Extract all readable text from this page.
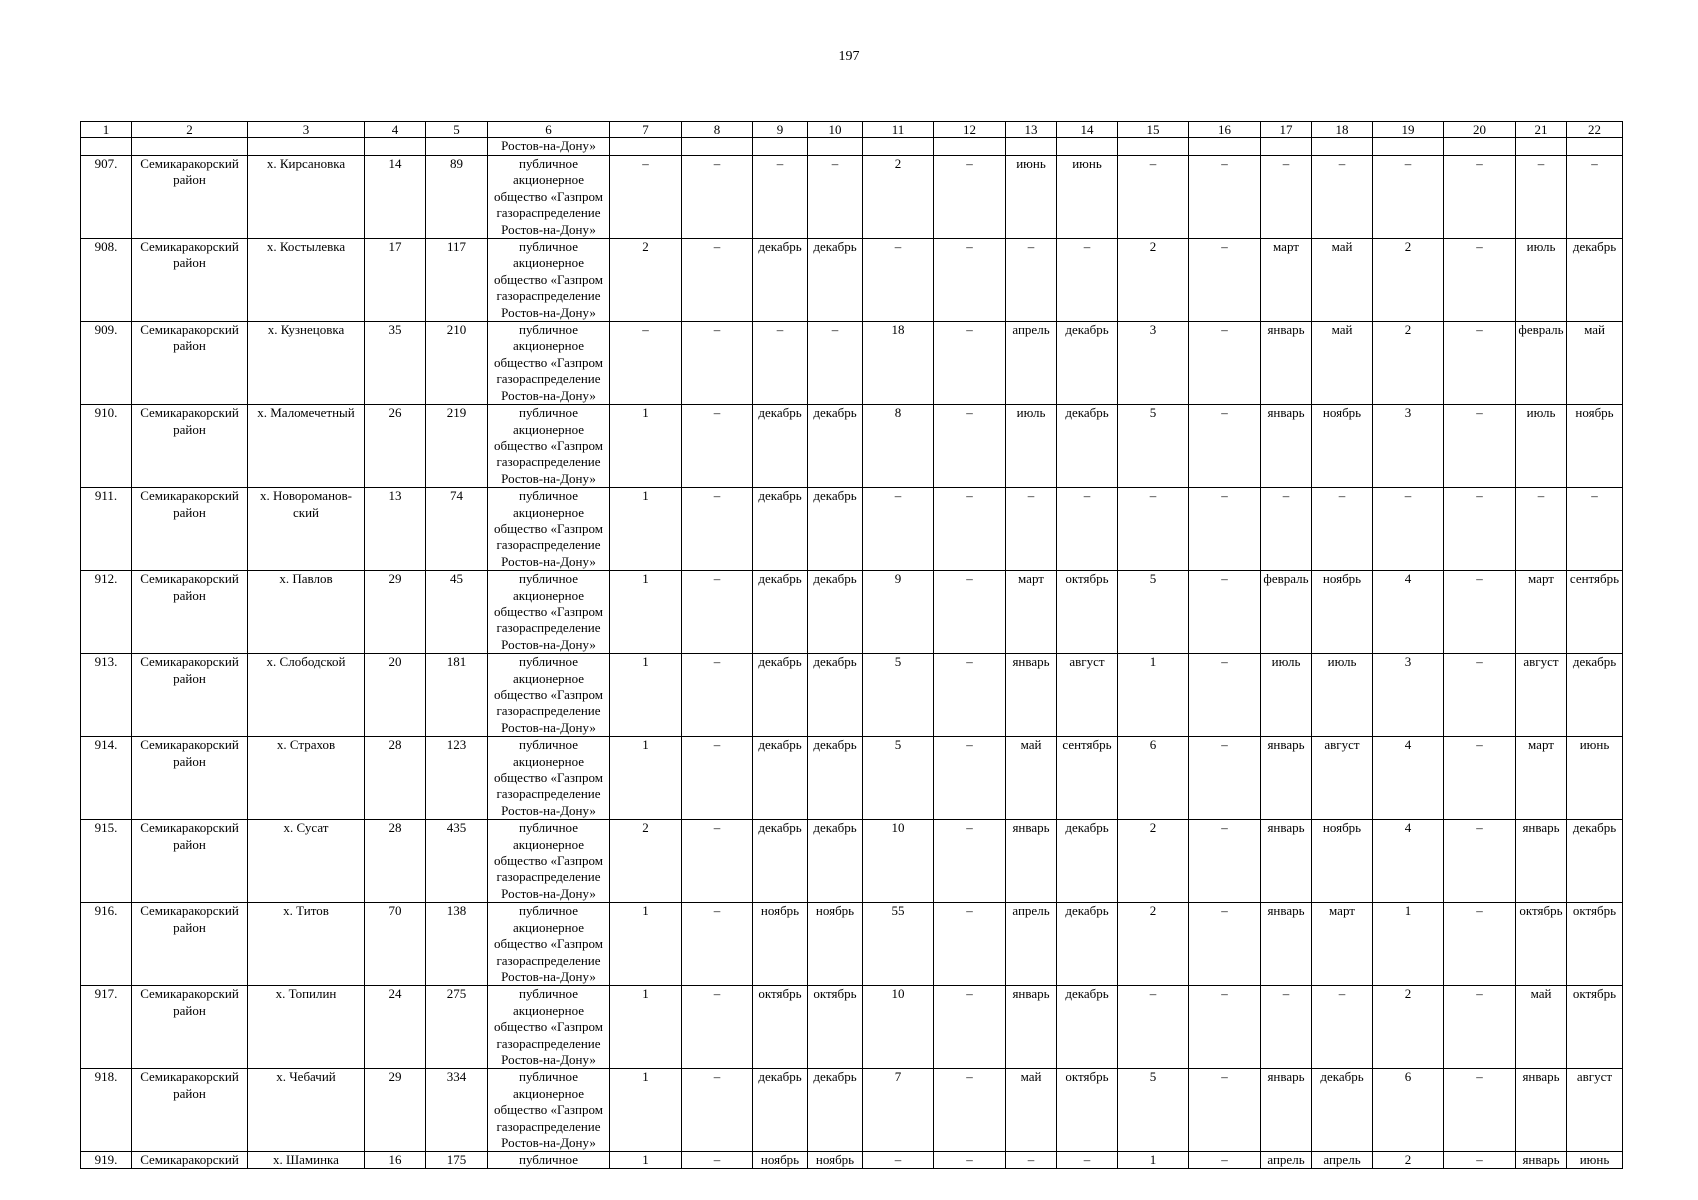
197
1	2	3	4	5	6	7	8	9	10	11	12	13	14	15	16	17	18	19	20	21	22
					Ростов-на-Дону»																
907.	Семикаракорский район	х. Кирсановка	14	89	публичное акционерное общество «Газпром газораспределение Ростов-на-Дону»	–	–	–	–	2	–	июнь	июнь	–	–	–	–	–	–	–	–
908.	Семикаракорский район	х. Костылевка	17	117	публичное акционерное общество «Газпром газораспределение Ростов-на-Дону»	2	–	декабрь	декабрь	–	–	–	–	2	–	март	май	2	–	июль	декабрь
909.	Семикаракорский район	х. Кузнецовка	35	210	публичное акционерное общество «Газпром газораспределение Ростов-на-Дону»	–	–	–	–	18	–	апрель	декабрь	3	–	январь	май	2	–	февраль	май
910.	Семикаракорский район	х. Маломечетный	26	219	публичное акционерное общество «Газпром газораспределение Ростов-на-Дону»	1	–	декабрь	декабрь	8	–	июль	декабрь	5	–	январь	ноябрь	3	–	июль	ноябрь
911.	Семикаракорский район	х. Новороманов-ский	13	74	публичное акционерное общество «Газпром газораспределение Ростов-на-Дону»	1	–	декабрь	декабрь	–	–	–	–	–	–	–	–	–	–	–	–
912.	Семикаракорский район	х. Павлов	29	45	публичное акционерное общество «Газпром газораспределение Ростов-на-Дону»	1	–	декабрь	декабрь	9	–	март	октябрь	5	–	февраль	ноябрь	4	–	март	сентябрь
913.	Семикаракорский район	х. Слободской	20	181	публичное акционерное общество «Газпром газораспределение Ростов-на-Дону»	1	–	декабрь	декабрь	5	–	январь	август	1	–	июль	июль	3	–	август	декабрь
914.	Семикаракорский район	х. Страхов	28	123	публичное акционерное общество «Газпром газораспределение Ростов-на-Дону»	1	–	декабрь	декабрь	5	–	май	сентябрь	6	–	январь	август	4	–	март	июнь
915.	Семикаракорский район	х. Сусат	28	435	публичное акционерное общество «Газпром газораспределение Ростов-на-Дону»	2	–	декабрь	декабрь	10	–	январь	декабрь	2	–	январь	ноябрь	4	–	январь	декабрь
916.	Семикаракорский район	х. Титов	70	138	публичное акционерное общество «Газпром газораспределение Ростов-на-Дону»	1	–	ноябрь	ноябрь	55	–	апрель	декабрь	2	–	январь	март	1	–	октябрь	октябрь
917.	Семикаракорский район	х. Топилин	24	275	публичное акционерное общество «Газпром газораспределение Ростов-на-Дону»	1	–	октябрь	октябрь	10	–	январь	декабрь	–	–	–	–	2	–	май	октябрь
918.	Семикаракорский район	х. Чебачий	29	334	публичное акционерное общество «Газпром газораспределение Ростов-на-Дону»	1	–	декабрь	декабрь	7	–	май	октябрь	5	–	январь	декабрь	6	–	январь	август
919.	Семикаракорский	х. Шаминка	16	175	публичное	1	–	ноябрь	ноябрь	–	–	–	–	1	–	апрель	апрель	2	–	январь	июнь
